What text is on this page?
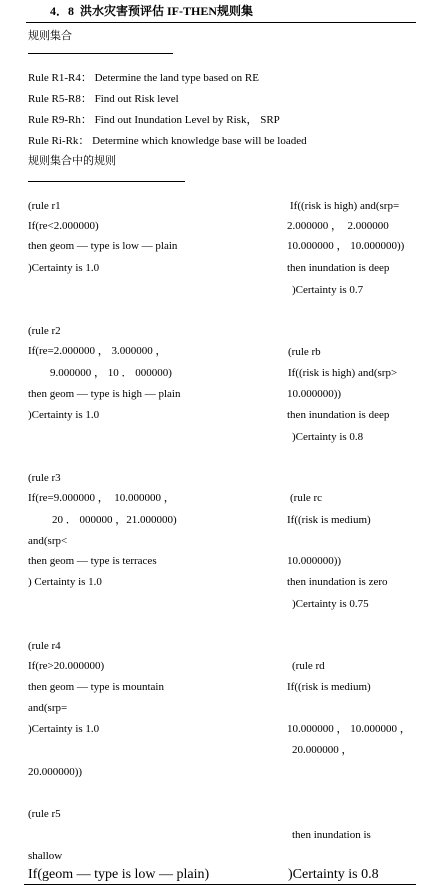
4．8  洪水灾害预评估 IF-THEN规则集
规则集合
Rule R1-R4： Determine the land type based on RE
Rule R5-R8： Find out Risk level
Rule R9-Rh： Find out Inundation Level by Risk， SRP
Rule Ri-Rk： Determine which knowledge base will be loaded
规则集合中的规则
(rule r1
If(re<2.000000)
then geom — type is low — plain
)Certainty is 1.0
If((risk is high) and(srp=
2.000000 ，  2.000000
10.000000 ， 10.000000))
then inundation is deep
)Certainty is 0.7
(rule r2
If(re=2.000000 ， 3.000000 ，
9.000000 ， 10 ． 000000)
then geom — type is high — plain
)Certainty is 1.0
(rule rb
If((risk is high) and(srp>
10.000000))
then inundation is deep
)Certainty is 0.8
(rule r3
If(re=9.000000 ，  10.000000 ，
20 ． 000000 ，21.000000)
and(srp<
then geom — type is terraces
) Certainty is 1.0
(rule rc
If((risk is medium)
10.000000))
then inundation is zero
)Certainty is 0.75
(rule r4
If(re>20.000000)
then geom — type is mountain
and(srp=
)Certainty is 1.0
20.000000))
(rule rd
If((risk is medium)
10.000000 ， 10.000000 ，
20.000000 ，
(rule r5
shallow
If(geom — type is low — plain)
then inundation is
)Certainty is 0.8
